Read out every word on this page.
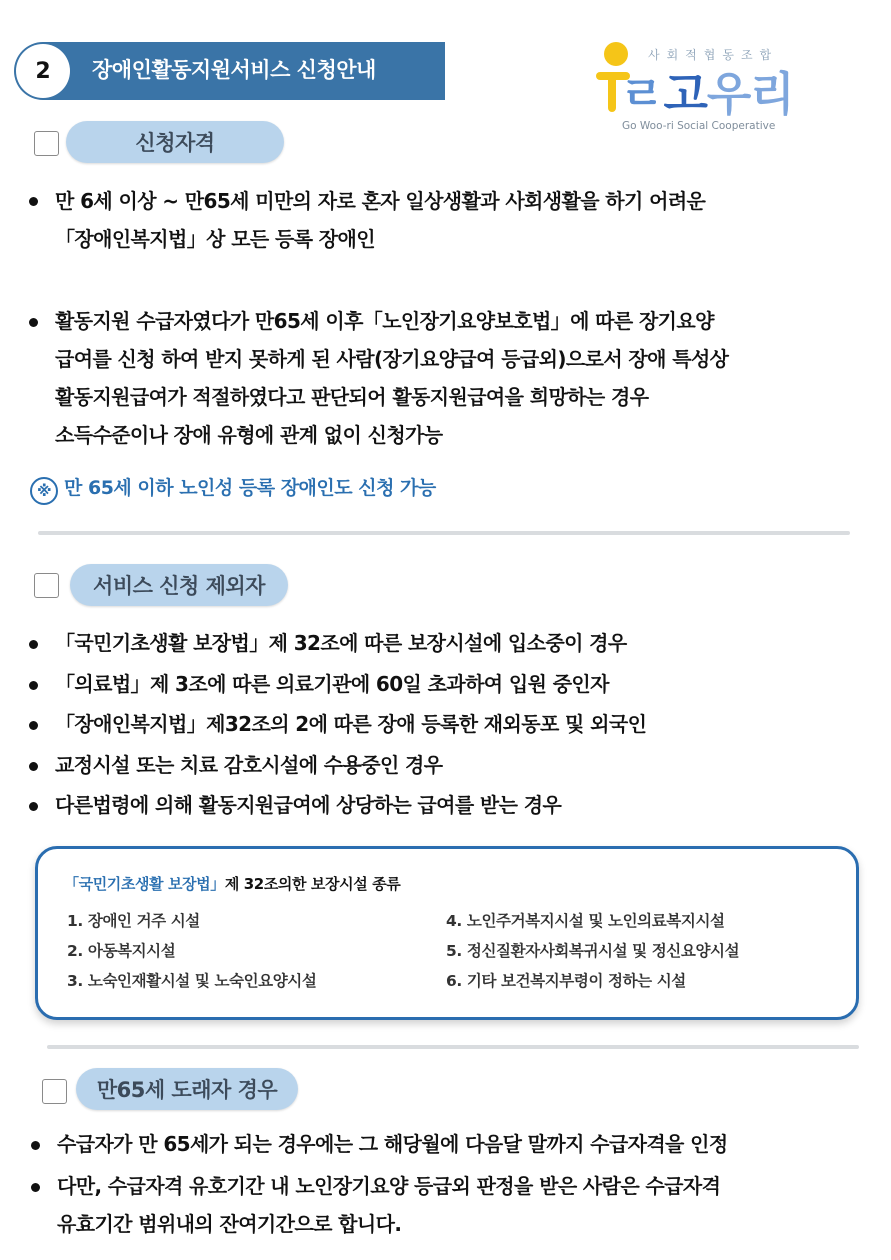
2	장애인활동지원서비스 신청안내
사회적협동조합
ㄹ고우리
Go Woo-ri Social Cooperative
신청자격
만 6세 이상 ~ 만65세 미만의 자로 혼자 일상생활과 사회생활을 하기 어려운
「장애인복지법」상 모든 등록 장애인
활동지원 수급자였다가 만65세 이후「노인장기요양보호법」에 따른 장기요양
급여를 신청 하여 받지 못하게 된 사람(장기요양급여 등급외)으로서 장애 특성상
활동지원급여가 적절하였다고 판단되어 활동지원급여을 희망하는 경우
소득수준이나 장애 유형에 관계 없이 신청가능
※ 만 65세 이하 노인성 등록 장애인도 신청 가능
서비스 신청 제외자
「국민기초생활 보장법」제 32조에 따른 보장시설에 입소중이 경우
「의료법」제 3조에 따른 의료기관에 60일 초과하여 입원 중인자
「장애인복지법」제32조의 2에 따른 장애 등록한 재외동포 및 외국인
교정시설 또는 치료 감호시설에 수용중인 경우
다른법령에 의해 활동지원급여에 상당하는 급여를 받는 경우
「국민기초생활 보장법」제 32조의한 보장시설 종류
1. 장애인 거주 시설
2. 아동복지시설
3. 노숙인재활시설 및 노숙인요양시설
4. 노인주거복지시설 및 노인의료복지시설
5. 정신질환자사회복귀시설 및 정신요양시설
6. 기타 보건복지부령이 정하는 시설
만65세 도래자 경우
수급자가 만 65세가 되는 경우에는 그 해당월에 다음달 말까지 수급자격을 인정
다만, 수급자격 유호기간 내 노인장기요양 등급외 판정을 받은 사람은 수급자격
유효기간 범위내의 잔여기간으로 합니다.
